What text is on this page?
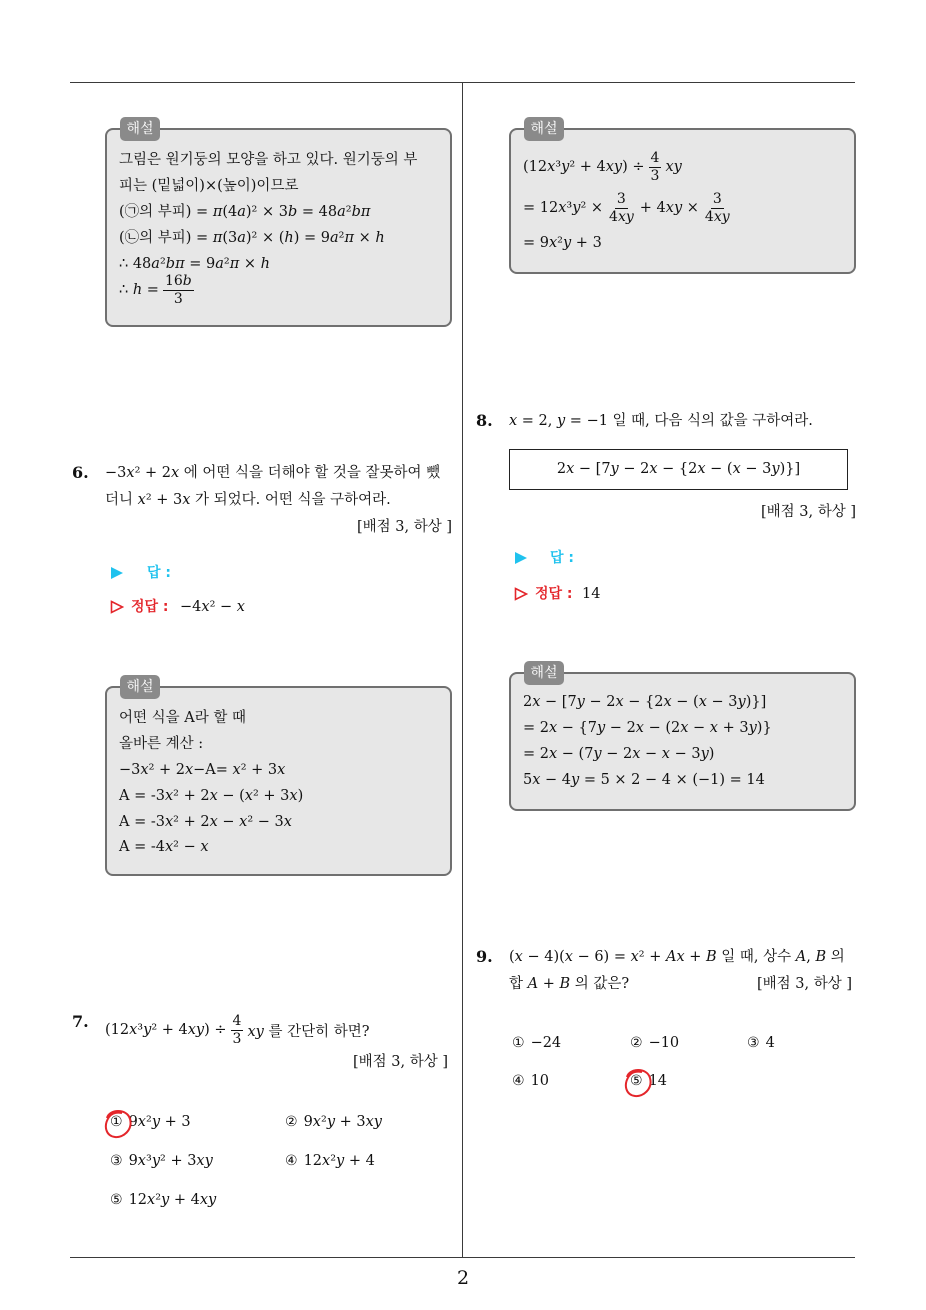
해설
그림은 원기둥의 모양을 하고 있다. 원기둥의 부
피는 (밑넓이)×(높이)이므로
(㉠의 부피) = π(4a)² × 3b = 48a²bπ
(㉡의 부피) = π(3a)² × (h) = 9a²π × h
∴ 48a²bπ = 9a²π × h
∴ $h = \frac{16b}{3}$
6. −3x² + 2x 에 어떤 식을 더해야 할 것을 잘못하여 뺐
더니 x² + 3x 가 되었다. 어떤 식을 구하여라.
[배점 3, 하상 ]
답 :
정답 : −4x² − x
해설
어떤 식을 A라 할 때
올바른 계산 :
−3x² + 2x−A= x² + 3x
A = -3x² + 2x − (x² + 3x)
A = -3x² + 2x − x² − 3x
A = -4x² − x
7. $(12x^3y^2 + 4xy) \div \frac{4}{3}$ xy 를 간단히 하면?
[배점 3, 하상 ]
① 9x²y + 3	② 9x²y + 3xy
③ 9x³y² + 3xy	④ 12x²y + 4
⑤ 12x²y + 4xy
해설
$(12x^3y^2 + 4xy) \div \frac{4}{3}$ xy
= $12x^3y^2 \times \frac{3}{4xy} + 4xy \times \frac{3}{4xy}$
= 9x²y + 3
8. x = 2, y = −1 일 때, 다음 식의 값을 구하여라.
2x − [7y − 2x − {2x − (x − 3y)}]
[배점 3, 하상 ]
답 :
정답 : 14
해설
2x − [7y − 2x − {2x − (x − 3y)}]
= 2x − {7y − 2x − (2x − x + 3y)}
= 2x − (7y − 2x − x − 3y)
5x − 4y = 5 × 2 − 4 × (−1) = 14
9. (x − 4)(x − 6) = x² + Ax + B 일 때, 상수 A, B 의
합 A + B 의 값은?	[배점 3, 하상 ]
① −24	② −10	③ 4
④ 10	⑤ 14
2
